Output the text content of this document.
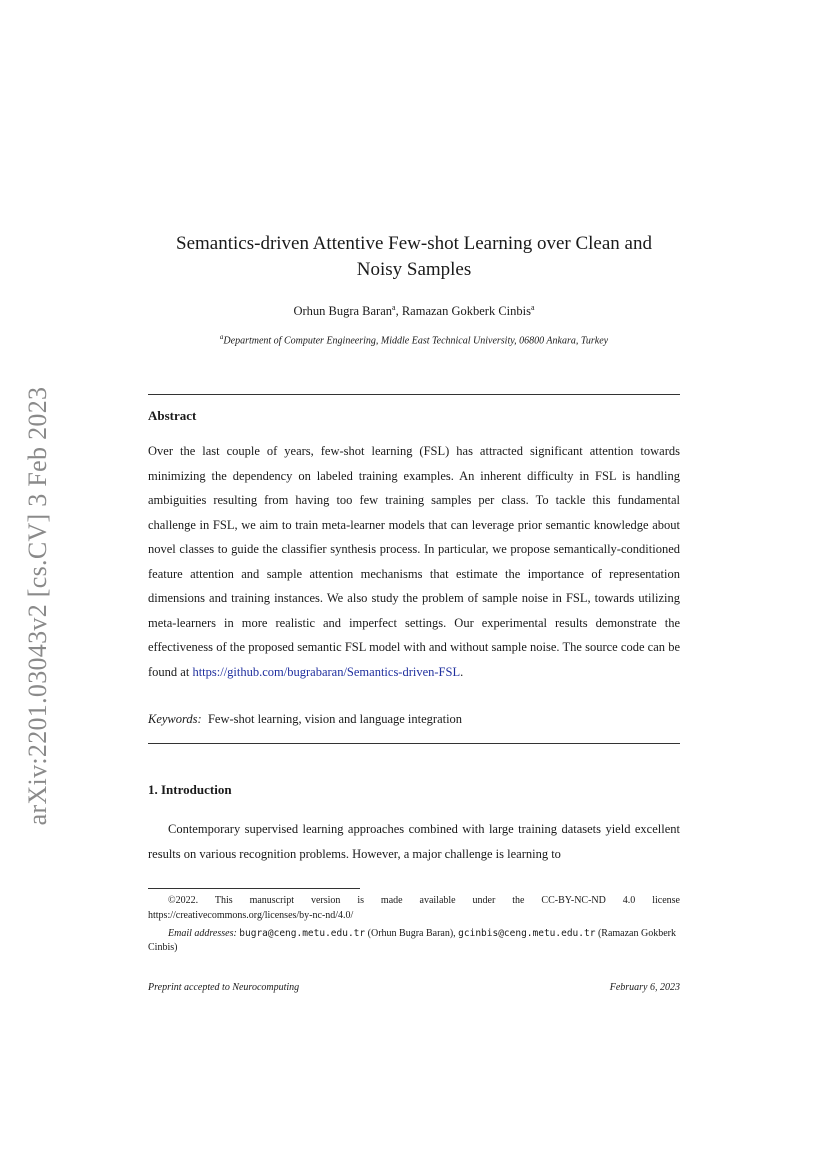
arXiv:2201.03043v2 [cs.CV] 3 Feb 2023
Semantics-driven Attentive Few-shot Learning over Clean and
Noisy Samples
Orhun Bugra Baran$^a$, Ramazan Gokberk Cinbis$^a$
$^a$Department of Computer Engineering, Middle East Technical University, 06800 Ankara, Turkey
Abstract

Over the last couple of years, few-shot learning (FSL) has attracted significant attention towards minimizing the dependency on labeled training examples. An inherent difficulty in FSL is handling ambiguities resulting from having too few training samples per class. To tackle this fundamental challenge in FSL, we aim to train meta-learner models that can leverage prior semantic knowledge about novel classes to guide the classifier synthesis process. In particular, we propose semantically-conditioned feature attention and sample attention mechanisms that estimate the importance of representation dimensions and training instances. We also study the problem of sample noise in FSL, towards utilizing meta-learners in more realistic and imperfect settings. Our experimental results demonstrate the effectiveness of the proposed semantic FSL model with and without sample noise. The source code can be found at https://github.com/bugrabaran/Semantics-driven-FSL.

Keywords: Few-shot learning, vision and language integration
1. Introduction

Contemporary supervised learning approaches combined with large training datasets yield excellent results on various recognition problems. However, a major challenge is learning to

©2022. This manuscript version is made available under the CC-BY-NC-ND 4.0 license https://creativecommons.org/licenses/by-nc-nd/4.0/

Email addresses: bugra@ceng.metu.edu.tr (Orhun Bugra Baran), gcinbis@ceng.metu.edu.tr (Ramazan Gokberk Cinbis)

Preprint accepted to Neurocomputing	February 6, 2023
